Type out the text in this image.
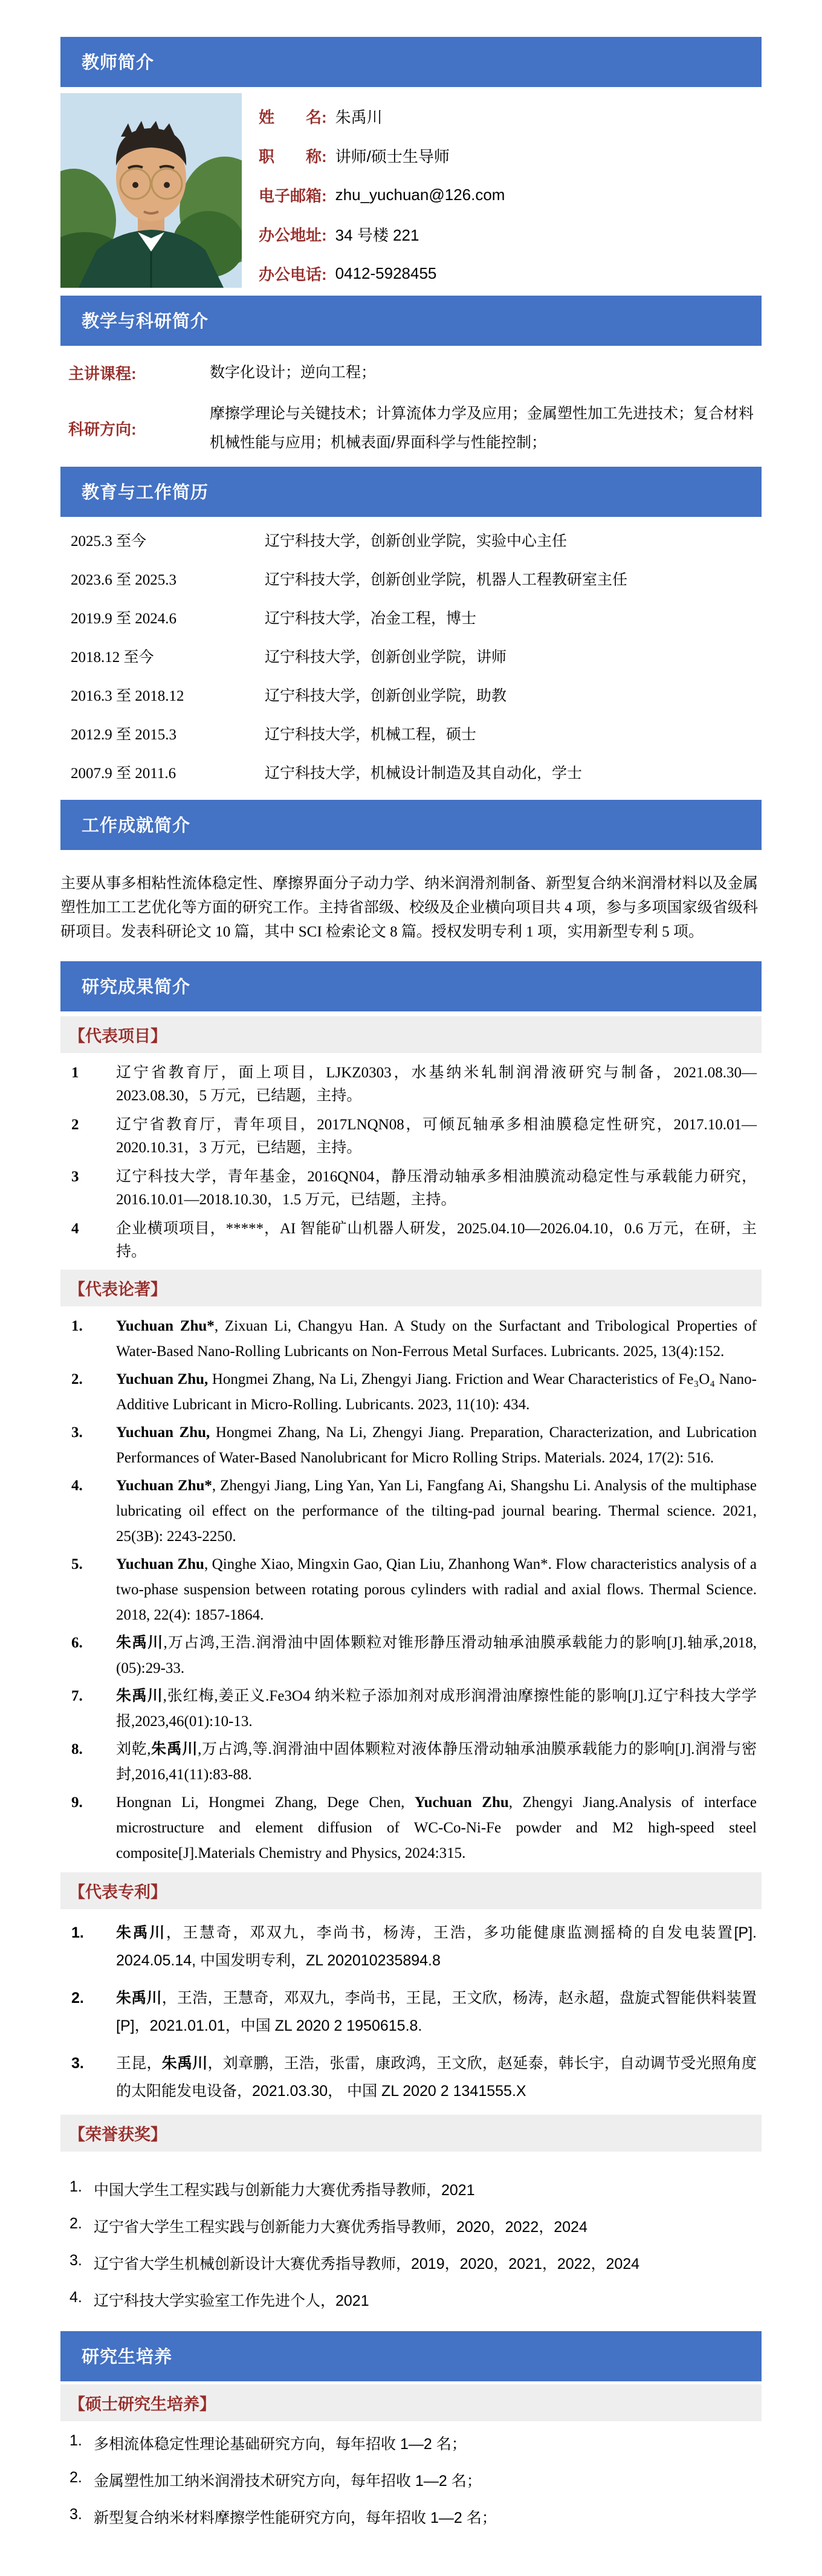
教师简介
姓　　名: 朱禹川
职　　称: 讲师/硕士生导师
电子邮箱: zhu_yuchuan@126.com
办公地址: 34 号楼 221
办公电话: 0412-5928455
教学与科研简介
主讲课程:	数字化设计；逆向工程；
科研方向:
摩擦学理论与关键技术；计算流体力学及应用；金属塑性加工先进技术；复合材料机械性能与应用；机械表面/界面科学与性能控制；
教育与工作简历
2025.3 至今	辽宁科技大学，创新创业学院，实验中心主任
2023.6 至 2025.3	辽宁科技大学，创新创业学院，机器人工程教研室主任
2019.9 至 2024.6	辽宁科技大学，冶金工程，博士
2018.12 至今	辽宁科技大学，创新创业学院，讲师
2016.3 至 2018.12	辽宁科技大学，创新创业学院，助教
2012.9 至 2015.3	辽宁科技大学，机械工程，硕士
2007.9 至 2011.6	辽宁科技大学，机械设计制造及其自动化，学士
工作成就简介
主要从事多相粘性流体稳定性、摩擦界面分子动力学、纳米润滑剂制备、新型复合纳米润滑材料以及金属塑性加工工艺优化等方面的研究工作。主持省部级、校级及企业横向项目共 4 项，参与多项国家级省级科研项目。发表科研论文 10 篇，其中 SCI 检索论文 8 篇。授权发明专利 1 项，实用新型专利 5 项。
研究成果简介
【代表项目】
1 辽宁省教育厅，面上项目，LJKZ0303，水基纳米轧制润滑液研究与制备，2021.08.30—2023.08.30，5 万元，已结题，主持。
2 辽宁省教育厅，青年项目，2017LNQN08，可倾瓦轴承多相油膜稳定性研究，2017.10.01—2020.10.31，3 万元，已结题，主持。
3 辽宁科技大学，青年基金，2016QN04，静压滑动轴承多相油膜流动稳定性与承载能力研究，2016.10.01—2018.10.30，1.5 万元，已结题，主持。
4 企业横项项目，*****，AI 智能矿山机器人研发，2025.04.10—2026.04.10，0.6 万元，在研，主持。
【代表论著】
1. Yuchuan Zhu*, Zixuan Li, Changyu Han. A Study on the Surfactant and Tribological Properties of Water-Based Nano-Rolling Lubricants on Non-Ferrous Metal Surfaces. Lubricants. 2025, 13(4):152.
2. Yuchuan Zhu, Hongmei Zhang, Na Li, Zhengyi Jiang. Friction and Wear Characteristics of Fe₃O₄ Nano-Additive Lubricant in Micro-Rolling. Lubricants. 2023, 11(10): 434.
3. Yuchuan Zhu, Hongmei Zhang, Na Li, Zhengyi Jiang. Preparation, Characterization, and Lubrication Performances of Water-Based Nanolubricant for Micro Rolling Strips. Materials. 2024, 17(2): 516.
4. Yuchuan Zhu*, Zhengyi Jiang, Ling Yan, Yan Li, Fangfang Ai, Shangshu Li. Analysis of the multiphase lubricating oil effect on the performance of the tilting-pad journal bearing. Thermal science. 2021, 25(3B): 2243-2250.
5. Yuchuan Zhu, Qinghe Xiao, Mingxin Gao, Qian Liu, Zhanhong Wan*. Flow characteristics analysis of a two-phase suspension between rotating porous cylinders with radial and axial flows. Thermal Science. 2018, 22(4): 1857-1864.
6. 朱禹川,万占鸿,王浩.润滑油中固体颗粒对锥形静压滑动轴承油膜承载能力的影响[J].轴承,2018,(05):29-33.
7. 朱禹川,张红梅,姜正义.Fe3O4 纳米粒子添加剂对成形润滑油摩擦性能的影响[J].辽宁科技大学学报,2023,46(01):10-13.
8. 刘乾,朱禹川,万占鸿,等.润滑油中固体颗粒对液体静压滑动轴承油膜承载能力的影响[J].润滑与密封,2016,41(11):83-88.
9. Hongnan Li, Hongmei Zhang, Dege Chen, Yuchuan Zhu, Zhengyi Jiang.Analysis of interface microstructure and element diffusion of WC-Co-Ni-Fe powder and M2 high-speed steel composite[J].Materials Chemistry and Physics, 2024:315.
【代表专利】
1. 朱禹川，王慧奇，邓双九，李尚书，杨涛，王浩，多功能健康监测摇椅的自发电装置[P]. 2024.05.14, 中国发明专利，ZL 202010235894.8
2. 朱禹川，王浩，王慧奇，邓双九，李尚书，王昆，王文欣，杨涛，赵永超，盘旋式智能供料装置[P]，2021.01.01，中国 ZL 2020 2 1950615.8.
3. 王昆，朱禹川，刘章鹏，王浩，张雷，康政鸿，王文欣，赵延泰，韩长宇，自动调节受光照角度的太阳能发电设备，2021.03.30， 中国 ZL 2020 2 1341555.X
【荣誉获奖】
1. 中国大学生工程实践与创新能力大赛优秀指导教师，2021
2. 辽宁省大学生工程实践与创新能力大赛优秀指导教师，2020，2022，2024
3. 辽宁省大学生机械创新设计大赛优秀指导教师，2019，2020，2021，2022，2024
4. 辽宁科技大学实验室工作先进个人，2021
研究生培养
【硕士研究生培养】
1. 多相流体稳定性理论基础研究方向，每年招收 1—2 名；
2. 金属塑性加工纳米润滑技术研究方向，每年招收 1—2 名；
3. 新型复合纳米材料摩擦学性能研究方向，每年招收 1—2 名；
